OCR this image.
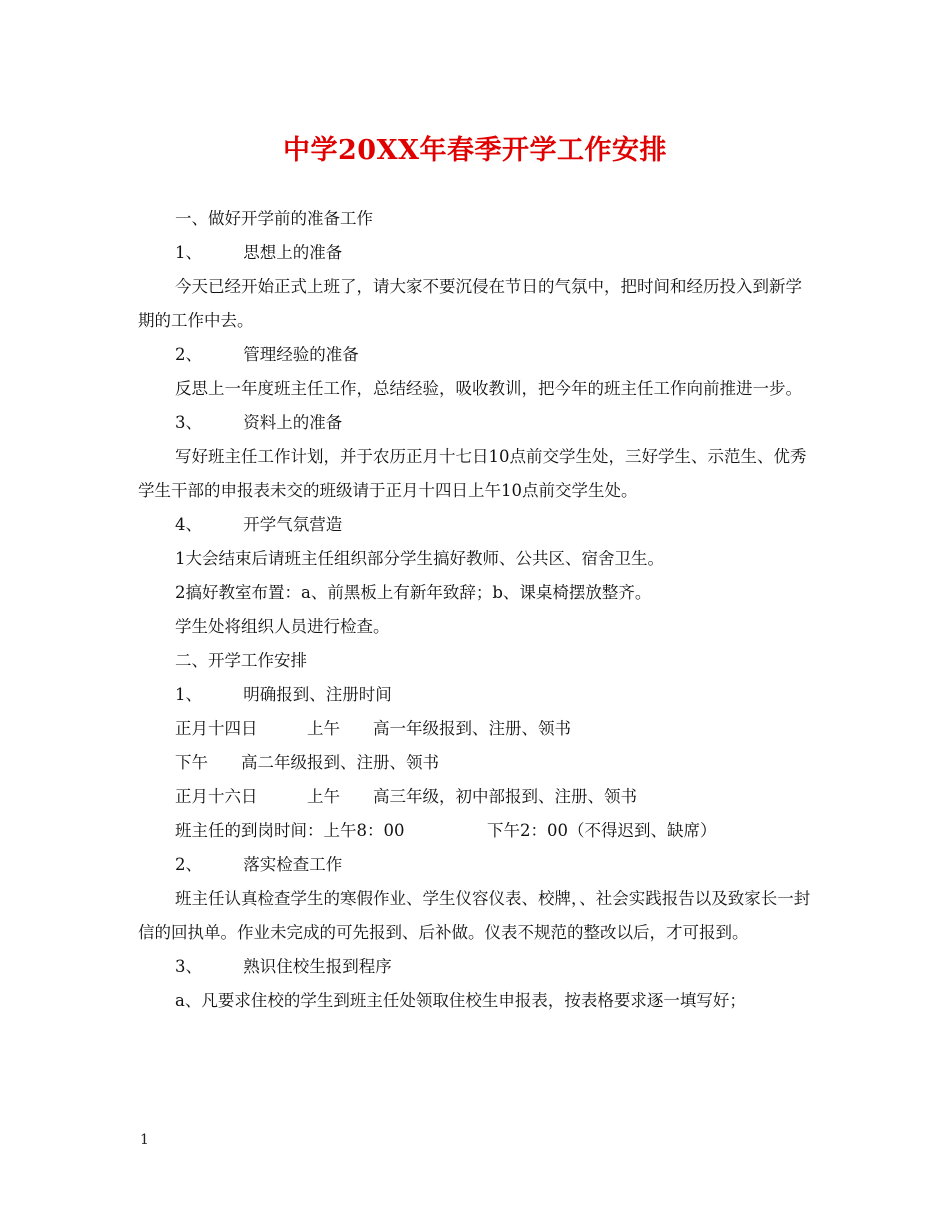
中学20XX年春季开学工作安排

一、做好开学前的准备工作

1、　　　思想上的准备

今天已经开始正式上班了，请大家不要沉侵在节日的气氛中，把时间和经历投入到新学期的工作中去。

2、　　　管理经验的准备

反思上一年度班主任工作，总结经验，吸收教训，把今年的班主任工作向前推进一步。

3、　　　资料上的准备

写好班主任工作计划，并于农历正月十七日10点前交学生处，三好学生、示范生、优秀学生干部的申报表未交的班级请于正月十四日上午10点前交学生处。

4、　　　开学气氛营造

1大会结束后请班主任组织部分学生搞好教师、公共区、宿舍卫生。

2搞好教室布置：a、前黑板上有新年致辞；b、课桌椅摆放整齐。

学生处将组织人员进行检查。

二、开学工作安排

1、　　　明确报到、注册时间

正月十四日　　　上午　　高一年级报到、注册、领书

下午　　高二年级报到、注册、领书

正月十六日　　　上午　　高三年级，初中部报到、注册、领书

班主任的到岗时间：上午8：00　　　　　下午2：00（不得迟到、缺席）

2、　　　落实检查工作

班主任认真检查学生的寒假作业、学生仪容仪表、校牌，、社会实践报告以及致家长一封信的回执单。作业未完成的可先报到、后补做。仪表不规范的整改以后，才可报到。

3、　　　熟识住校生报到程序

a、凡要求住校的学生到班主任处领取住校生申报表，按表格要求逐一填写好；

1
